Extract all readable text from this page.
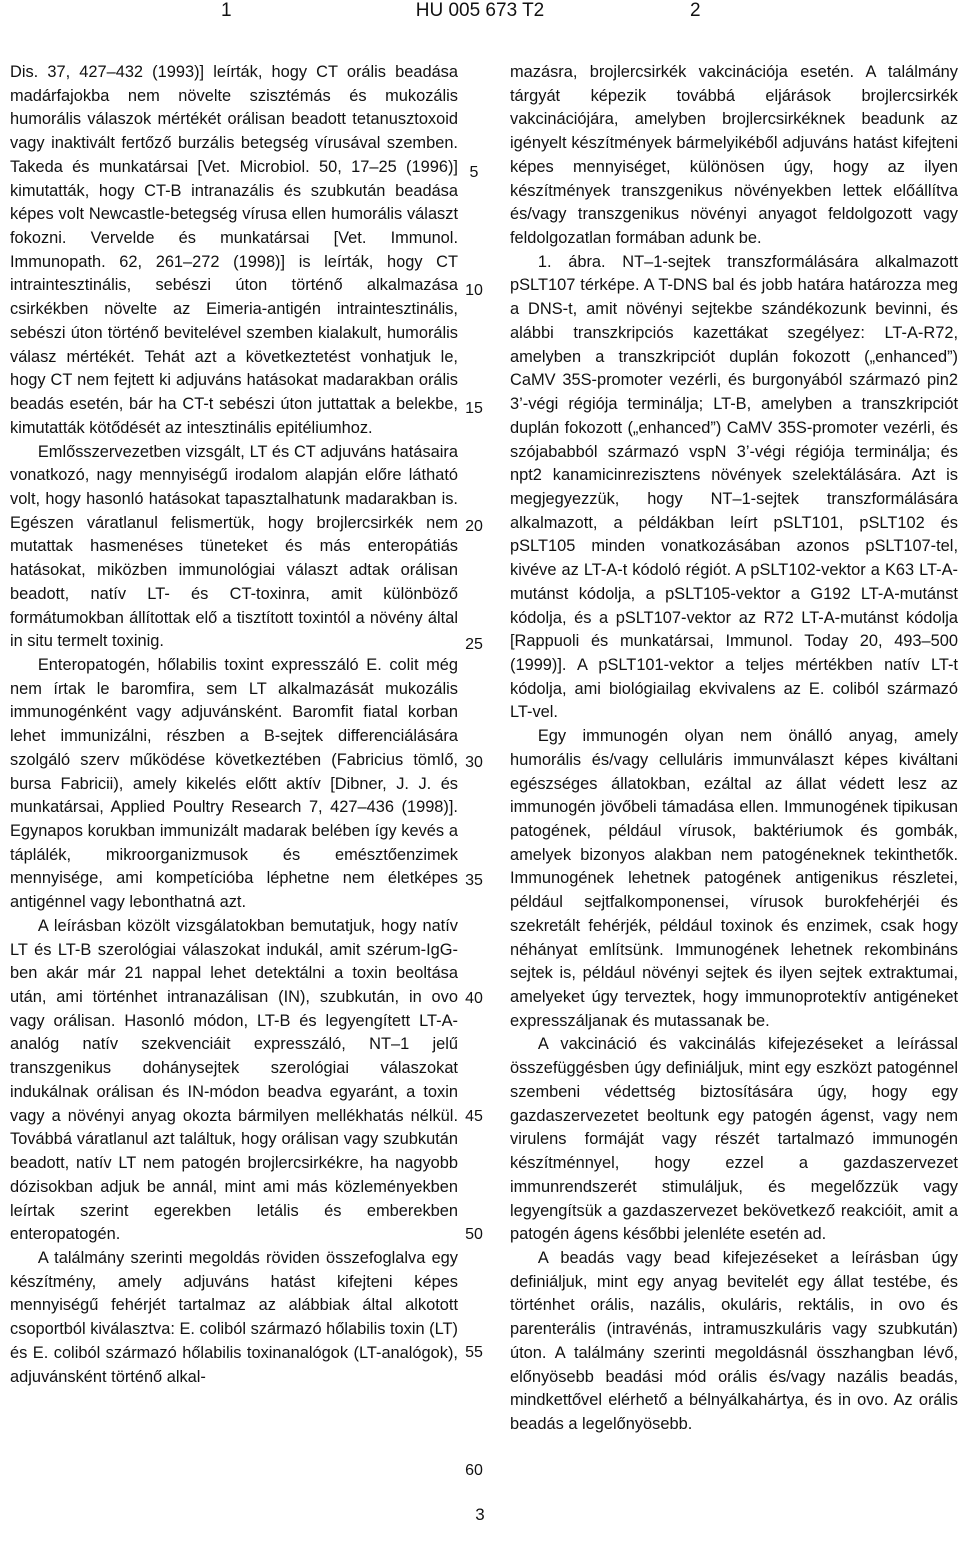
1	HU 005 673 T2	2

Dis. 37, 427–432 (1993)] leírták, hogy CT orális beadása madárfajokba nem növelte szisztémás és mukozális humorális válaszok mértékét orálisan beadott tetanusztoxoid vagy inaktivált fertőző burzális betegség vírusával szemben. Takeda és munkatársai [Vet. Microbiol. 50, 17–25 (1996)] kimutatták, hogy CT-B intranazális és szubkután beadása képes volt Newcastle-betegség vírusa ellen humorális választ fokozni. Vervelde és munkatársai [Vet. Immunol. Immunopath. 62, 261–272 (1998)] is leírták, hogy CT intraintesztinális, sebészi úton történő alkalmazása csirkékben növelte az Eimeria-antigén intraintesztinális, sebészi úton történő bevitelével szemben kialakult, humorális válasz mértékét. Tehát azt a következtetést vonhatjuk le, hogy CT nem fejtett ki adjuváns hatásokat madarakban orális beadás esetén, bár ha CT-t sebészi úton juttattak a belekbe, kimutatták kötődését az intesztinális epitéliumhoz.

Emlősszervezetben vizsgált, LT és CT adjuváns hatásaira vonatkozó, nagy mennyiségű irodalom alapján előre látható volt, hogy hasonló hatásokat tapasztalhatunk madarakban is. Egészen váratlanul felismertük, hogy brojlercsirkék nem mutattak hasmenéses tüneteket és más enteropátiás hatásokat, miközben immunológiai választ adtak orálisan beadott, natív LT- és CT-toxinra, amit különböző formátumokban állítottak elő a tisztított toxintól a növény által in situ termelt toxinig.

Enteropatogén, hőlabilis toxint expresszáló E. colit még nem írtak le baromfira, sem LT alkalmazását mukozális immunogénként vagy adjuvánsként. Baromfit fiatal korban lehet immunizálni, részben a B-sejtek differenciálására szolgáló szerv működése következtében (Fabricius tömlő, bursa Fabricii), amely kikelés előtt aktív [Dibner, J. J. és munkatársai, Applied Poultry Research 7, 427–436 (1998)]. Egynapos korukban immunizált madarak belében így kevés a táplálék, mikroorganizmusok és emésztőenzimek mennyisége, ami kompetícióba léphetne nem életképes antigénnel vagy lebonthatná azt.

A leírásban közölt vizsgálatokban bemutatjuk, hogy natív LT és LT-B szerológiai válaszokat indukál, amit szérum-IgG-ben akár már 21 nappal lehet detektálni a toxin beoltása után, ami történhet intranazálisan (IN), szubkután, in ovo vagy orálisan. Hasonló módon, LT-B és legyengített LT-A-analóg natív szekvenciáit expresszáló, NT–1 jelű transzgenikus dohánysejtek szerológiai válaszokat indukálnak orálisan és IN-módon beadva egyaránt, a toxin vagy a növényi anyag okozta bármilyen mellékhatás nélkül. Továbbá váratlanul azt találtuk, hogy orálisan vagy szubkután beadott, natív LT nem patogén brojlercsirkékre, ha nagyobb dózisokban adjuk be annál, mint ami más közleményekben leírtak szerint egerekben letális és emberekben enteropatogén.

A találmány szerinti megoldás röviden összefoglalva egy készítmény, amely adjuváns hatást kifejteni képes mennyiségű fehérjét tartalmaz az alábbiak által alkotott csoportból kiválasztva: E. coliból származó hőlabilis toxin (LT) és E. coliból származó hőlabilis toxinanalógok (LT-analógok), adjuvánsként történő alkal-

5
10
15
20
25
30
35
40
45
50
55
60

mazásra, brojlercsirkék vakcinációja esetén. A találmány tárgyát képezik továbbá eljárások brojlercsirkék vakcinációjára, amelyben brojlercsirkéknek beadunk az igényelt készítmények bármelyikéből adjuváns hatást kifejteni képes mennyiséget, különösen úgy, hogy az ilyen készítmények transzgenikus növényekben lettek előállítva és/vagy transzgenikus növényi anyagot feldolgozott vagy feldolgozatlan formában adunk be.

1. ábra. NT–1-sejtek transzformálására alkalmazott pSLT107 térképe. A T-DNS bal és jobb határa határozza meg a DNS-t, amit növényi sejtekbe szándékozunk bevinni, és alábbi transzkripciós kazettákat szegélyez: LT-A-R72, amelyben a transzkripciót duplán fokozott („enhanced”) CaMV 35S-promoter vezérli, és burgonyából származó pin2 3’-végi régiója terminálja; LT-B, amelyben a transzkripciót duplán fokozott („enhanced”) CaMV 35S-promoter vezérli, és szójababból származó vspN 3’-végi régiója terminálja; és npt2 kanamicinrezisztens növények szelektálására. Azt is megjegyezzük, hogy NT–1-sejtek transzformálására alkalmazott, a példákban leírt pSLT101, pSLT102 és pSLT105 minden vonatkozásában azonos pSLT107-tel, kivéve az LT-A-t kódoló régiót. A pSLT102-vektor a K63 LT-A-mutánst kódolja, a pSLT105-vektor a G192 LT-A-mutánst kódolja, és a pSLT107-vektor az R72 LT-A-mutánst kódolja [Rappuoli és munkatársai, Immunol. Today 20, 493–500 (1999)]. A pSLT101-vektor a teljes mértékben natív LT-t kódolja, ami biológiailag ekvivalens az E. coliból származó LT-vel.

Egy immunogén olyan nem önálló anyag, amely humorális és/vagy celluláris immunválaszt képes kiváltani egészséges állatokban, ezáltal az állat védett lesz az immunogén jövőbeli támadása ellen. Immunogének tipikusan patogének, például vírusok, baktériumok és gombák, amelyek bizonyos alakban nem patogéneknek tekinthetők. Immunogének lehetnek patogének antigenikus részletei, például sejtfalkomponensei, vírusok burokfehérjéi és szekretált fehérjék, például toxinok és enzimek, csak hogy néhányat említsünk. Immunogének lehetnek rekombináns sejtek is, például növényi sejtek és ilyen sejtek extraktumai, amelyeket úgy terveztek, hogy immunoprotektív antigéneket expresszáljanak és mutassanak be.

A vakcináció és vakcinálás kifejezéseket a leírással összefüggésben úgy definiáljuk, mint egy eszközt patogénnel szembeni védettség biztosítására úgy, hogy egy gazdaszervezetet beoltunk egy patogén ágenst, vagy nem virulens formáját vagy részét tartalmazó immunogén készítménnyel, hogy ezzel a gazdaszervezet immunrendszerét stimuláljuk, és megelőzzük vagy legyengítsük a gazdaszervezet bekövetkező reakcióit, amit a patogén ágens későbbi jelenléte esetén ad.

A beadás vagy bead kifejezéseket a leírásban úgy definiáljuk, mint egy anyag bevitelét egy állat testébe, és történhet orális, nazális, okuláris, rektális, in ovo és parenterális (intravénás, intramuszkuláris vagy szubkután) úton. A találmány szerinti megoldásnál összhangban lévő, előnyösebb beadási mód orális és/vagy nazális beadás, mindkettővel elérhető a bélnyálkahártya, és in ovo. Az orális beadás a legelőnyösebb.

3
